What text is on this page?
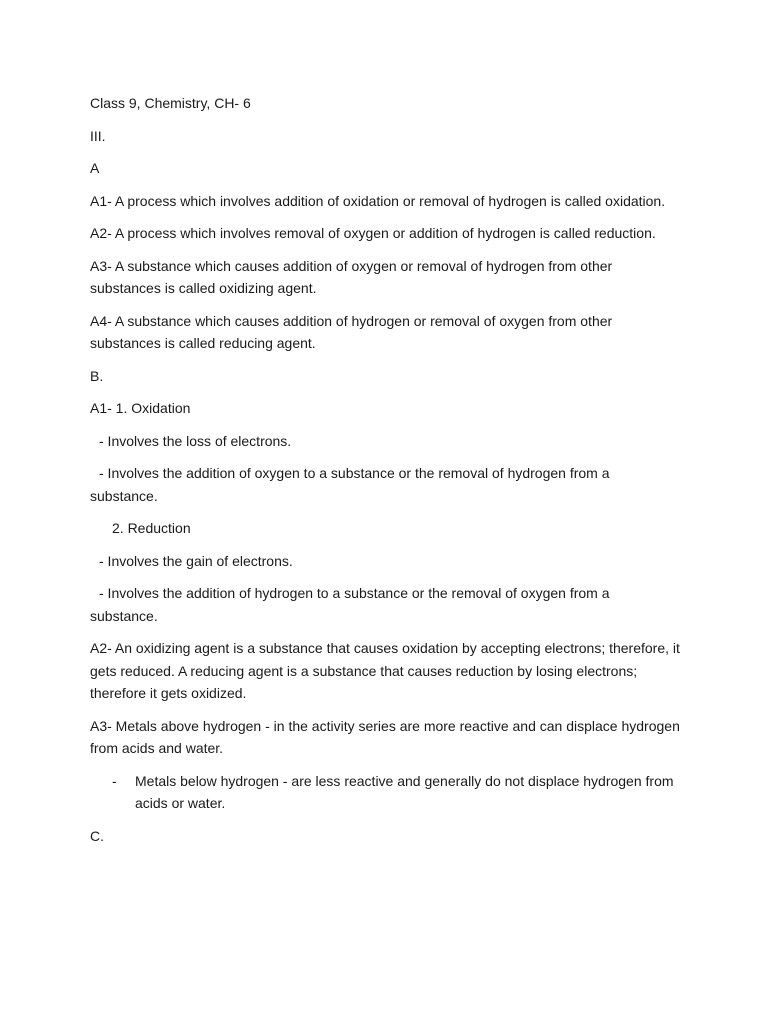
Class 9, Chemistry, CH- 6

III.

A

A1- A process which involves addition of oxidation or removal of hydrogen is called oxidation.

A2- A process which involves removal of oxygen or addition of hydrogen is called reduction.

A3- A substance which causes addition of oxygen or removal of hydrogen from other substances is called oxidizing agent.

A4- A substance which causes addition of hydrogen or removal of oxygen from other substances is called reducing agent.

B.

A1- 1. Oxidation

- Involves the loss of electrons.

- Involves the addition of oxygen to a substance or the removal of hydrogen from a substance.

2. Reduction

- Involves the gain of electrons.

- Involves the addition of hydrogen to a substance or the removal of oxygen from a substance.

A2- An oxidizing agent is a substance that causes oxidation by accepting electrons; therefore, it gets reduced. A reducing agent is a substance that causes reduction by losing electrons; therefore it gets oxidized.

A3- Metals above hydrogen - in the activity series are more reactive and can displace hydrogen from acids and water.

-	Metals below hydrogen - are less reactive and generally do not displace hydrogen from acids or water.

C.
